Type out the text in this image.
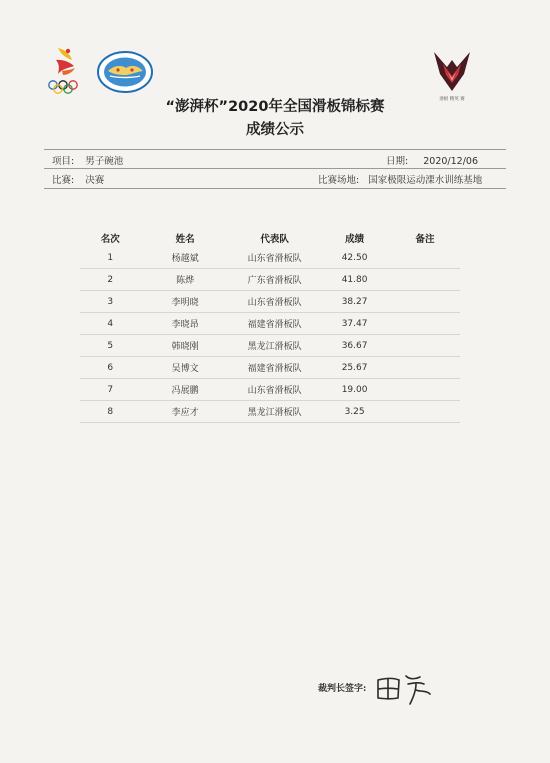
滑板 精英 赛
“澎湃杯”2020年全国滑板锦标赛
成绩公示
项目: 男子碗池	日期: 2020/12/06
比赛: 决赛	比赛场地: 国家极限运动溧水训练基地
名次	姓名	代表队	成绩	备注
1	杨越斌	山东省滑板队	42.50	
2	陈烨	广东省滑板队	41.80	
3	李明晓	山东省滑板队	38.27	
4	李晓昂	福建省滑板队	37.47	
5	韩晓刚	黑龙江滑板队	36.67	
6	吴博文	福建省滑板队	25.67	
7	冯展鹏	山东省滑板队	19.00	
8	李应才	黑龙江滑板队	3.25	
裁判长签字:
